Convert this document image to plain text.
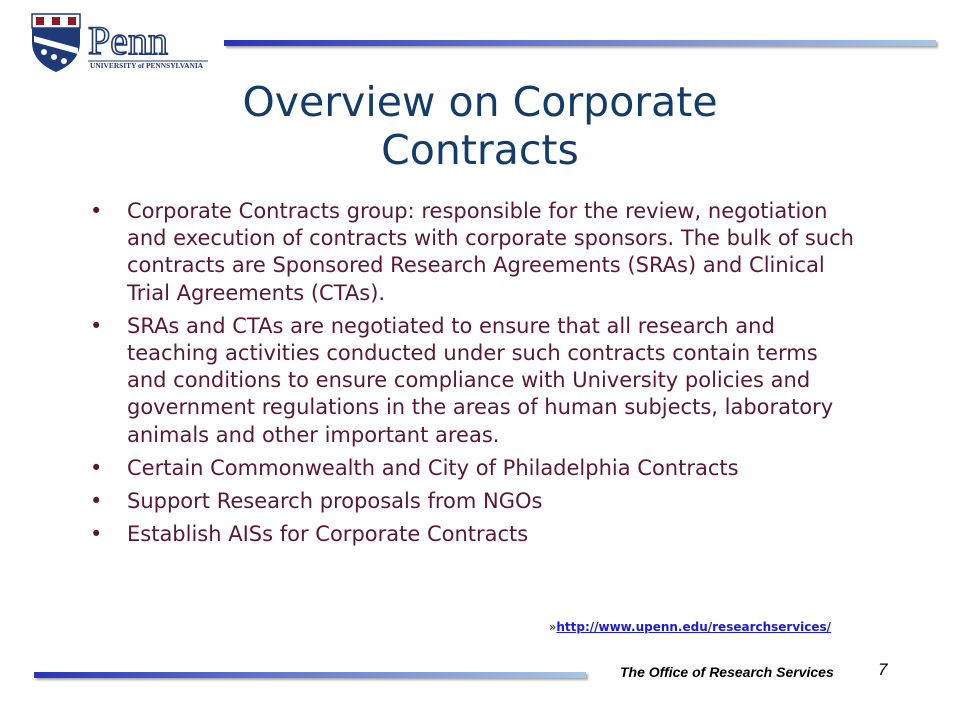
Penn
UNIVERSITY of PENNSYLVANIA
Overview on Corporate Contracts
• Corporate Contracts group: responsible for the review, negotiation and execution of contracts with corporate sponsors. The bulk of such contracts are Sponsored Research Agreements (SRAs) and Clinical Trial Agreements (CTAs).
• SRAs and CTAs are negotiated to ensure that all research and teaching activities conducted under such contracts contain terms and conditions to ensure compliance with University policies and government regulations in the areas of human subjects, laboratory animals and other important areas.
• Certain Commonwealth and City of Philadelphia Contracts
• Support Research proposals from NGOs
• Establish AISs for Corporate Contracts
»http://www.upenn.edu/researchservices/
The Office of Research Services	7
